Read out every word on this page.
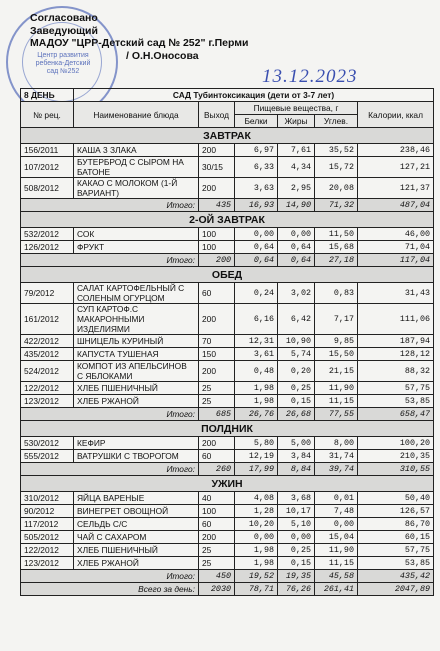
Центр развития ребенка-Детский сад №252
Согласовано
Заведующий
МАДОУ "ЦРР-Детский сад № 252" г.Перми
/ О.Н.Оносова
13.12.2023
8 ДЕНЬ	САД Тубинтоксикация (дети от 3-7 лет)					
№ рец.	Наименование блюда	Выход	Пищевые вещества, г			Калории, ккал
			Белки	Жиры	Углев.	
ЗАВТРАК						
156/2011	КАША 3 ЗЛАКА	200	6,97	7,61	35,52	238,46
107/2012	БУТЕРБРОД С СЫРОМ НА БАТОНЕ	30/15	6,33	4,34	15,72	127,21
508/2012	КАКАО С МОЛОКОМ (1-Й ВАРИАНТ)	200	3,63	2,95	20,08	121,37
Итого:		435	16,93	14,90	71,32	487,04
2-ОЙ ЗАВТРАК						
532/2012	СОК	100	0,00	0,00	11,50	46,00
126/2012	ФРУКТ	100	0,64	0,64	15,68	71,04
Итого:		200	0,64	0,64	27,18	117,04
ОБЕД						
79/2012	САЛАТ КАРТОФЕЛЬНЫЙ С СОЛЕНЫМ ОГУРЦОМ	60	0,24	3,02	0,83	31,43
161/2012	СУП КАРТОФ.С МАКАРОННЫМИ ИЗДЕЛИЯМИ	200	6,16	6,42	7,17	111,06
422/2012	ШНИЦЕЛЬ КУРИНЫЙ	70	12,31	10,90	9,85	187,94
435/2012	КАПУСТА ТУШЕНАЯ	150	3,61	5,74	15,50	128,12
524/2012	КОМПОТ ИЗ АПЕЛЬСИНОВ С ЯБЛОКАМИ	200	0,48	0,20	21,15	88,32
122/2012	ХЛЕБ ПШЕНИЧНЫЙ	25	1,98	0,25	11,90	57,75
123/2012	ХЛЕБ РЖАНОЙ	25	1,98	0,15	11,15	53,85
Итого:		685	26,76	26,68	77,55	658,47
ПОЛДНИК						
530/2012	КЕФИР	200	5,80	5,00	8,00	100,20
555/2012	ВАТРУШКИ С ТВОРОГОМ	60	12,19	3,84	31,74	210,35
Итого:		260	17,99	8,84	39,74	310,55
УЖИН						
310/2012	ЯЙЦА ВАРЕНЫЕ	40	4,08	3,68	0,01	50,40
90/2012	ВИНЕГРЕТ ОВОЩНОЙ	100	1,28	10,17	7,48	126,57
117/2012	СЕЛЬДЬ С/С	60	10,20	5,10	0,00	86,70
505/2012	ЧАЙ С САХАРОМ	200	0,00	0,00	15,04	60,15
122/2012	ХЛЕБ ПШЕНИЧНЫЙ	25	1,98	0,25	11,90	57,75
123/2012	ХЛЕБ РЖАНОЙ	25	1,98	0,15	11,15	53,85
Итого:		450	19,52	19,35	45,58	435,42
Всего за день:		2030	78,71	76,26	261,41	2047,89
